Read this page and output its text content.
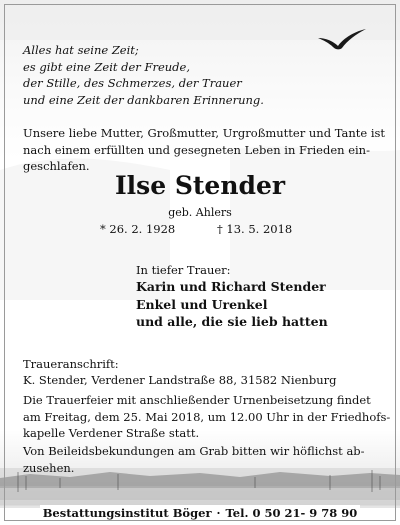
Alles hat seine Zeit;
es gibt eine Zeit der Freude,
der Stille, des Schmerzes, der Trauer
und eine Zeit der dankbaren Erinnerung.
Unsere liebe Mutter, Großmutter, Urgroßmutter und Tante ist
nach einem erfüllten und gesegneten Leben in Frieden ein-
geschlafen.
Ilse Stender
geb. Ahlers
* 26. 2. 1928	† 13. 5. 2018
In tiefer Trauer:
Karin und Richard Stender
Enkel und Urenkel
und alle, die sie lieb hatten
Traueranschrift:
K. Stender, Verdener Landstraße 88, 31582 Nienburg
Die Trauerfeier mit anschließender Urnenbeisetzung findet
am Freitag, dem 25. Mai 2018, um 12.00 Uhr in der Friedhofs-
kapelle Verdener Straße statt.
Von Beileidsbekundungen am Grab bitten wir höflichst ab-
zusehen.
Bestattungsinstitut Böger · Tel. 0 50 21- 9 78 90
